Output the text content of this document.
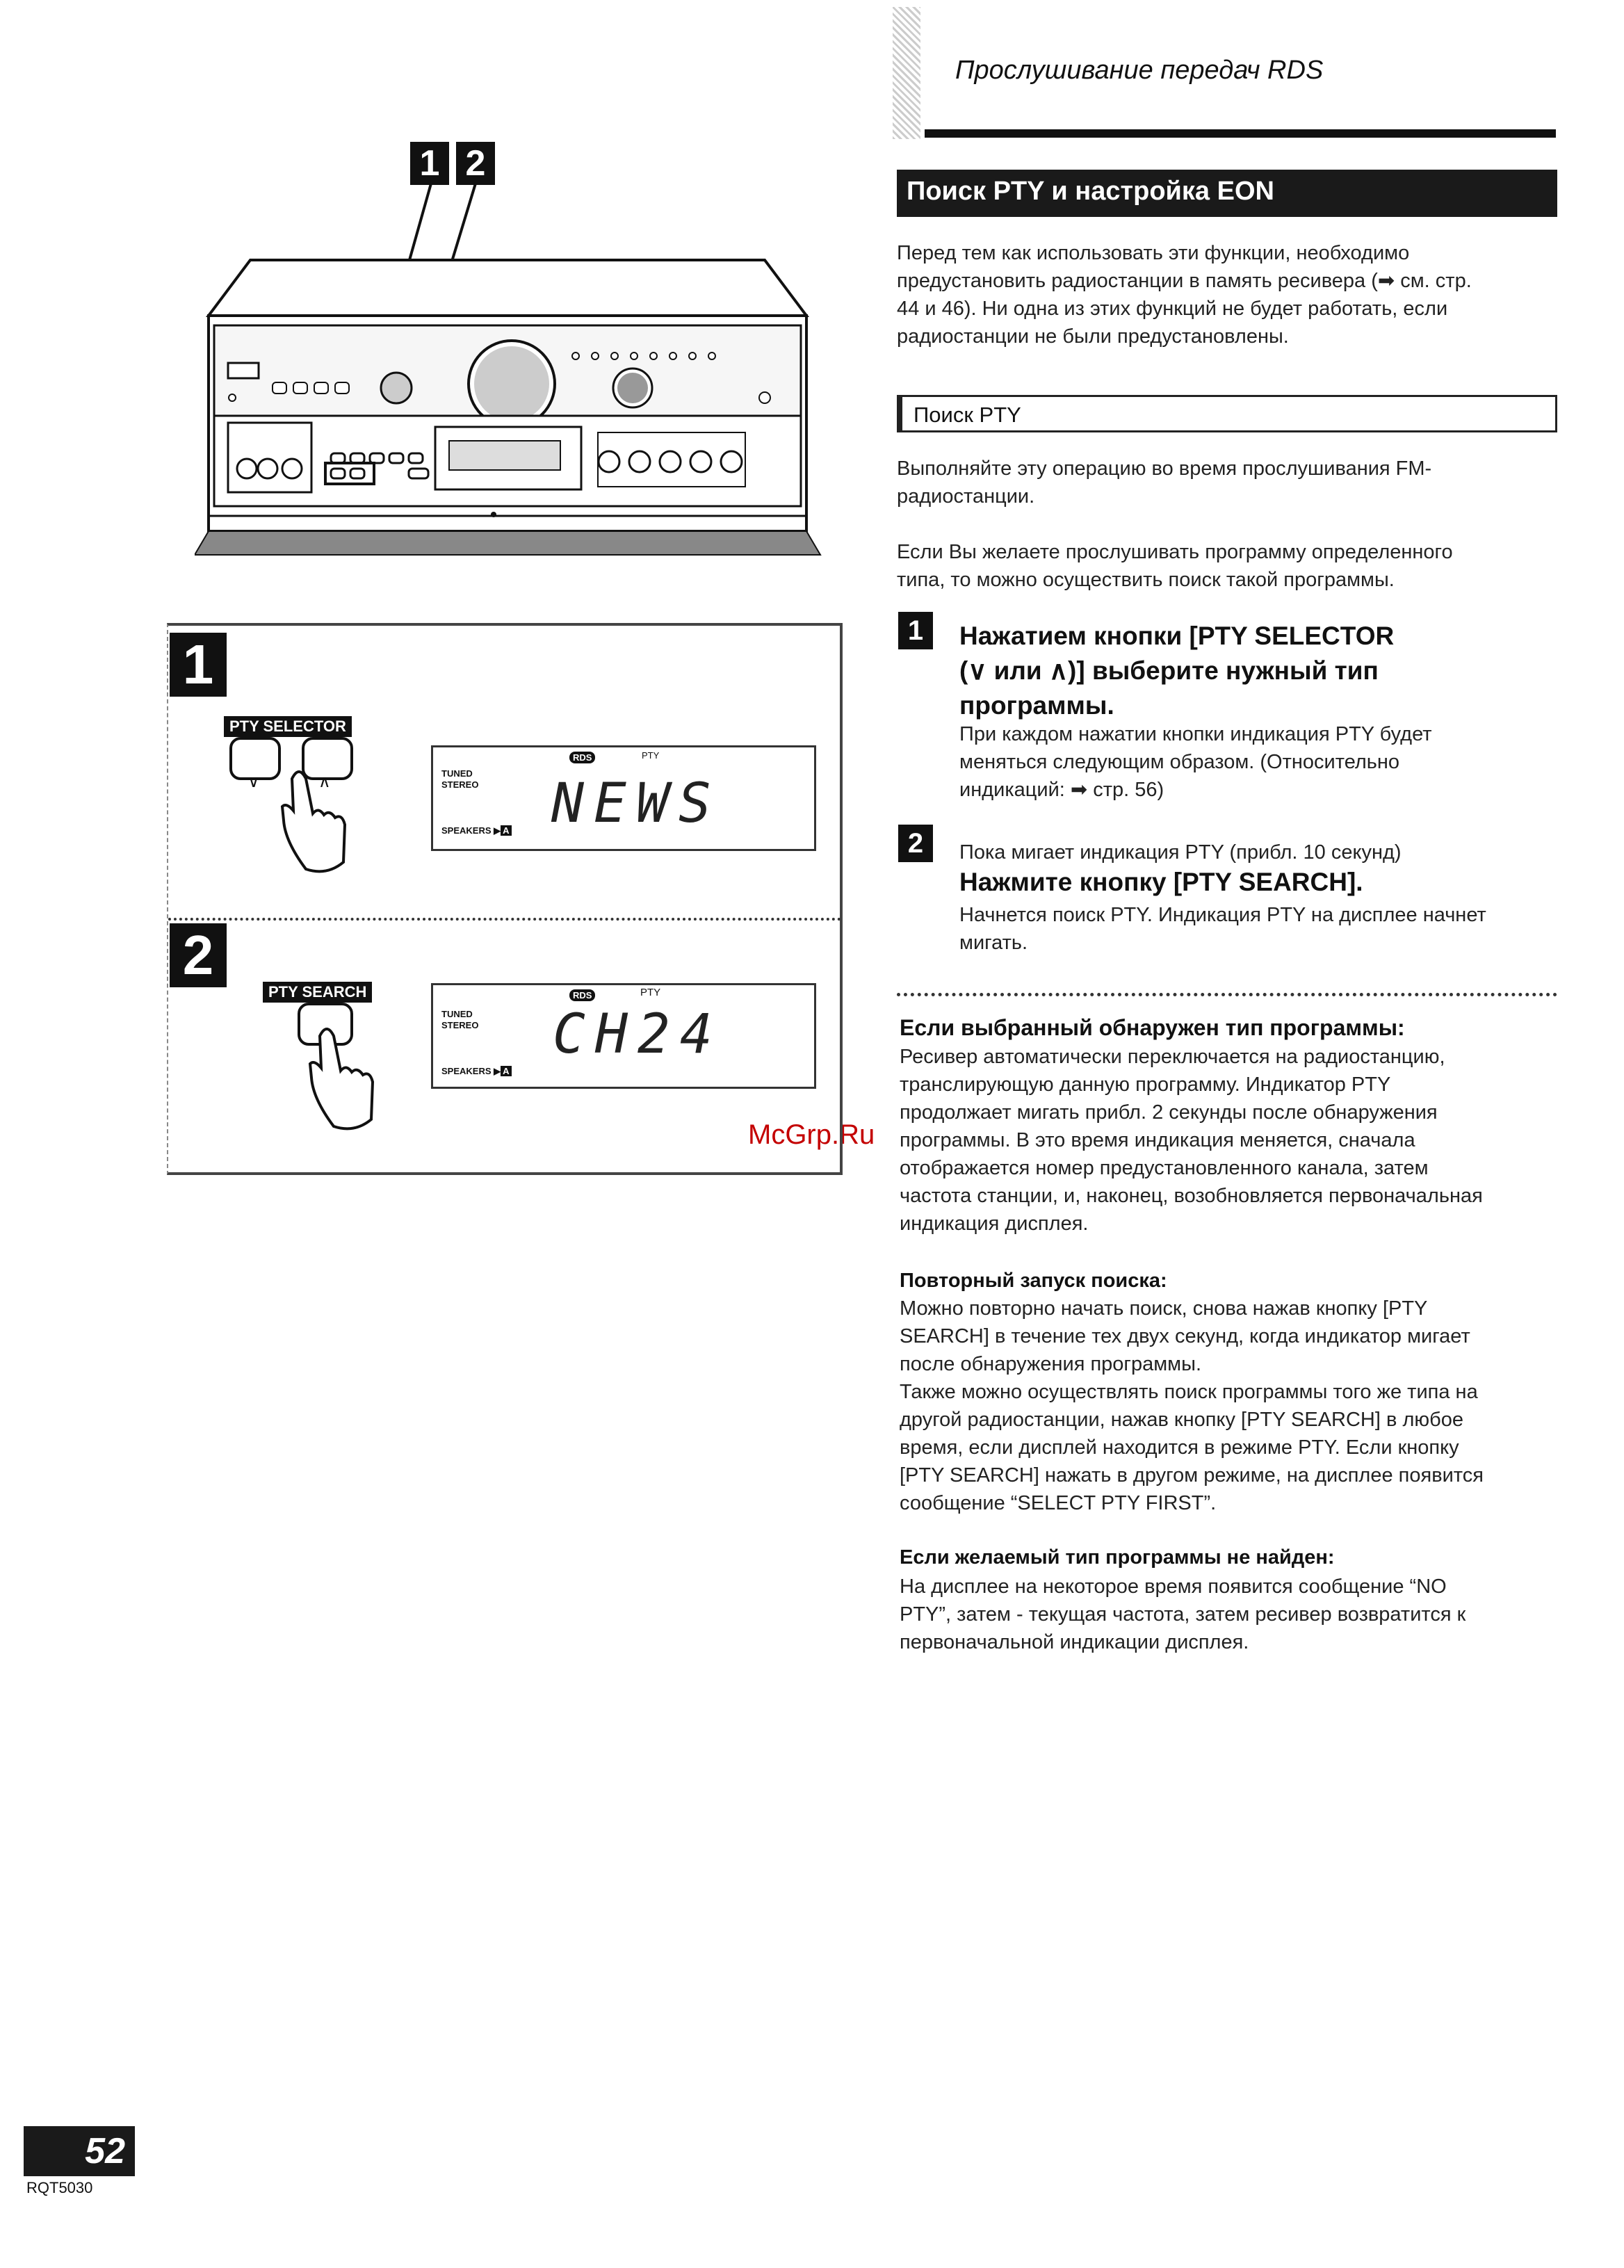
Прослушивание передач RDS
Поиск PTY и настройка EON
Перед тем как использовать эти функции, необходимо
предустановить радиостанции в память ресивера (➡ см. стр.
44 и 46). Ни одна из этих функций не будет работать, если
радиостанции не были предустановлены.
Поиск PTY
Выполняйте эту операцию во время прослушивания FM-
радиостанции.
Если Вы желаете прослушивать программу определенного
типа, то можно осуществить поиск такой программы.
1	Нажатием кнопки [PTY SELECTOR
(∨ или ∧)] выберите нужный тип
программы.
При каждом нажатии кнопки индикация PTY будет
меняться следующим образом. (Относительно
индикаций: ➡ стр. 56)
2	Пока мигает индикация PTY (прибл. 10 секунд)
Нажмите кнопку [PTY SEARCH].
Начнется поиск PTY. Индикация PTY на дисплее начнет
мигать.
Если выбранный обнаружен тип программы:
Ресивер автоматически переключается на радиостанцию,
транслирующую данную программу. Индикатор PTY
продолжает мигать прибл. 2 секунды после обнаружения
программы. В это время индикация меняется, сначала
отображается номер предустановленного канала, затем
частота станции, и, наконец, возобновляется первоначальная
индикация дисплея.
Повторный запуск поиска:
Можно повторно начать поиск, снова нажав кнопку [PTY
SEARCH] в течение тех двух секунд, когда индикатор мигает
после обнаружения программы.
Также можно осуществлять поиск программы того же типа на
другой радиостанции, нажав кнопку [PTY SEARCH] в любое
время, если дисплей находится в режиме PTY. Если кнопку
[PTY SEARCH] нажать в другом режиме, на дисплее появится
сообщение “SELECT PTY FIRST”.
Если желаемый тип программы не найден:
На дисплее на некоторое время появится сообщение “NO
PTY”, затем - текущая частота, затем ресивер возвратится к
первоначальной индикации дисплея.
McGrp.Ru
1 2
1
PTY SELECTOR
∨	∧	TUNED
STEREO
SPEAKERS ▶ A
RDS	PTY
NEWS
2
PTY SEARCH
TUNED
STEREO
SPEAKERS ▶ A
RDS	PTY
CH24
52
RQT5030
